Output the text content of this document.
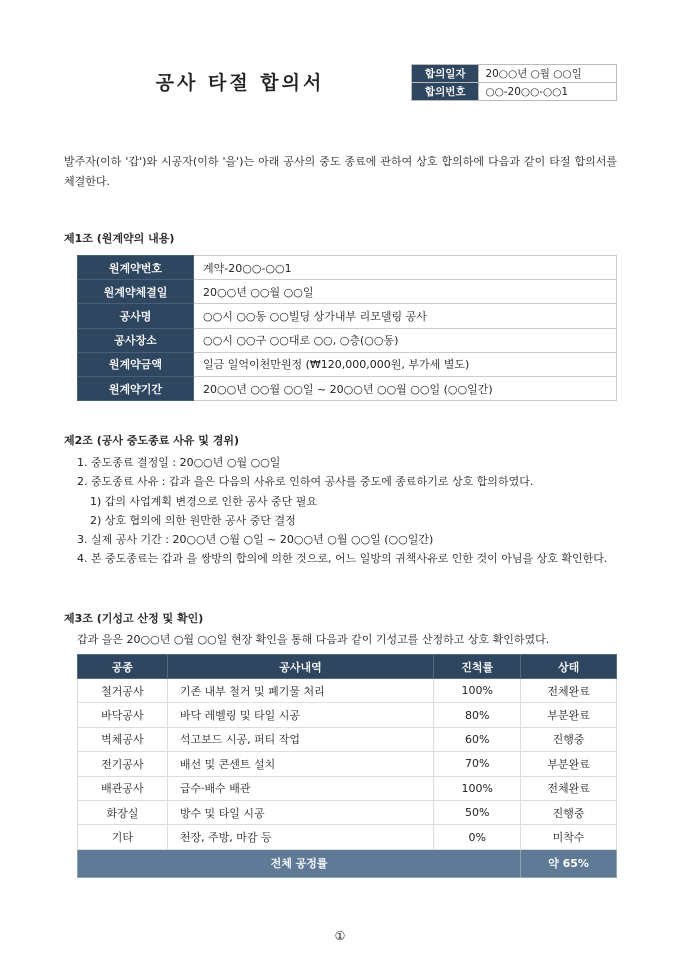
공사 타절 합의서	합의일자	20○○년 ○월 ○○일
합의번호	○○-20○○-○○1

발주자(이하 '갑')와 시공자(이하 '을')는 아래 공사의 중도 종료에 관하여 상호 합의하에 다음과 같이 타절 합의서를 체결한다.

제1조 (원계약의 내용)
원계약번호	계약-20○○-○○1
원계약체결일	20○○년 ○○월 ○○일
공사명	○○시 ○○동 ○○빌딩 상가내부 리모델링 공사
공사장소	○○시 ○○구 ○○대로 ○○, ○층(○○동)
원계약금액	일금 일억이천만원정 (₩120,000,000원, 부가세 별도)
원계약기간	20○○년 ○○월 ○○일 ~ 20○○년 ○○월 ○○일 (○○일간)
제2조 (공사 중도종료 사유 및 경위)
1. 중도종료 결정일 : 20○○년 ○월 ○○일
2. 중도종료 사유 : 갑과 을은 다음의 사유로 인하여 공사를 중도에 종료하기로 상호 합의하였다.
1) 갑의 사업계획 변경으로 인한 공사 중단 필요
2) 상호 협의에 의한 원만한 공사 중단 결정
3. 실제 공사 기간 : 20○○년 ○월 ○일 ~ 20○○년 ○월 ○○일 (○○일간)
4. 본 중도종료는 갑과 을 쌍방의 합의에 의한 것으로, 어느 일방의 귀책사유로 인한 것이 아님을 상호 확인한다.
제3조 (기성고 산정 및 확인)
갑과 을은 20○○년 ○월 ○○일 현장 확인을 통해 다음과 같이 기성고를 산정하고 상호 확인하였다.
공종	공사내역	진척률	상태
철거공사	기존 내부 철거 및 폐기물 처리	100%	전체완료
바닥공사	바닥 레벨링 및 타일 시공	80%	부분완료
벽체공사	석고보드 시공, 퍼티 작업	60%	진행중
전기공사	배선 및 콘센트 설치	70%	부분완료
배관공사	급수·배수 배관	100%	전체완료
화장실	방수 및 타일 시공	50%	진행중
기타	천장, 주방, 마감 등	0%	미착수
전체 공정률			약 65%
①
